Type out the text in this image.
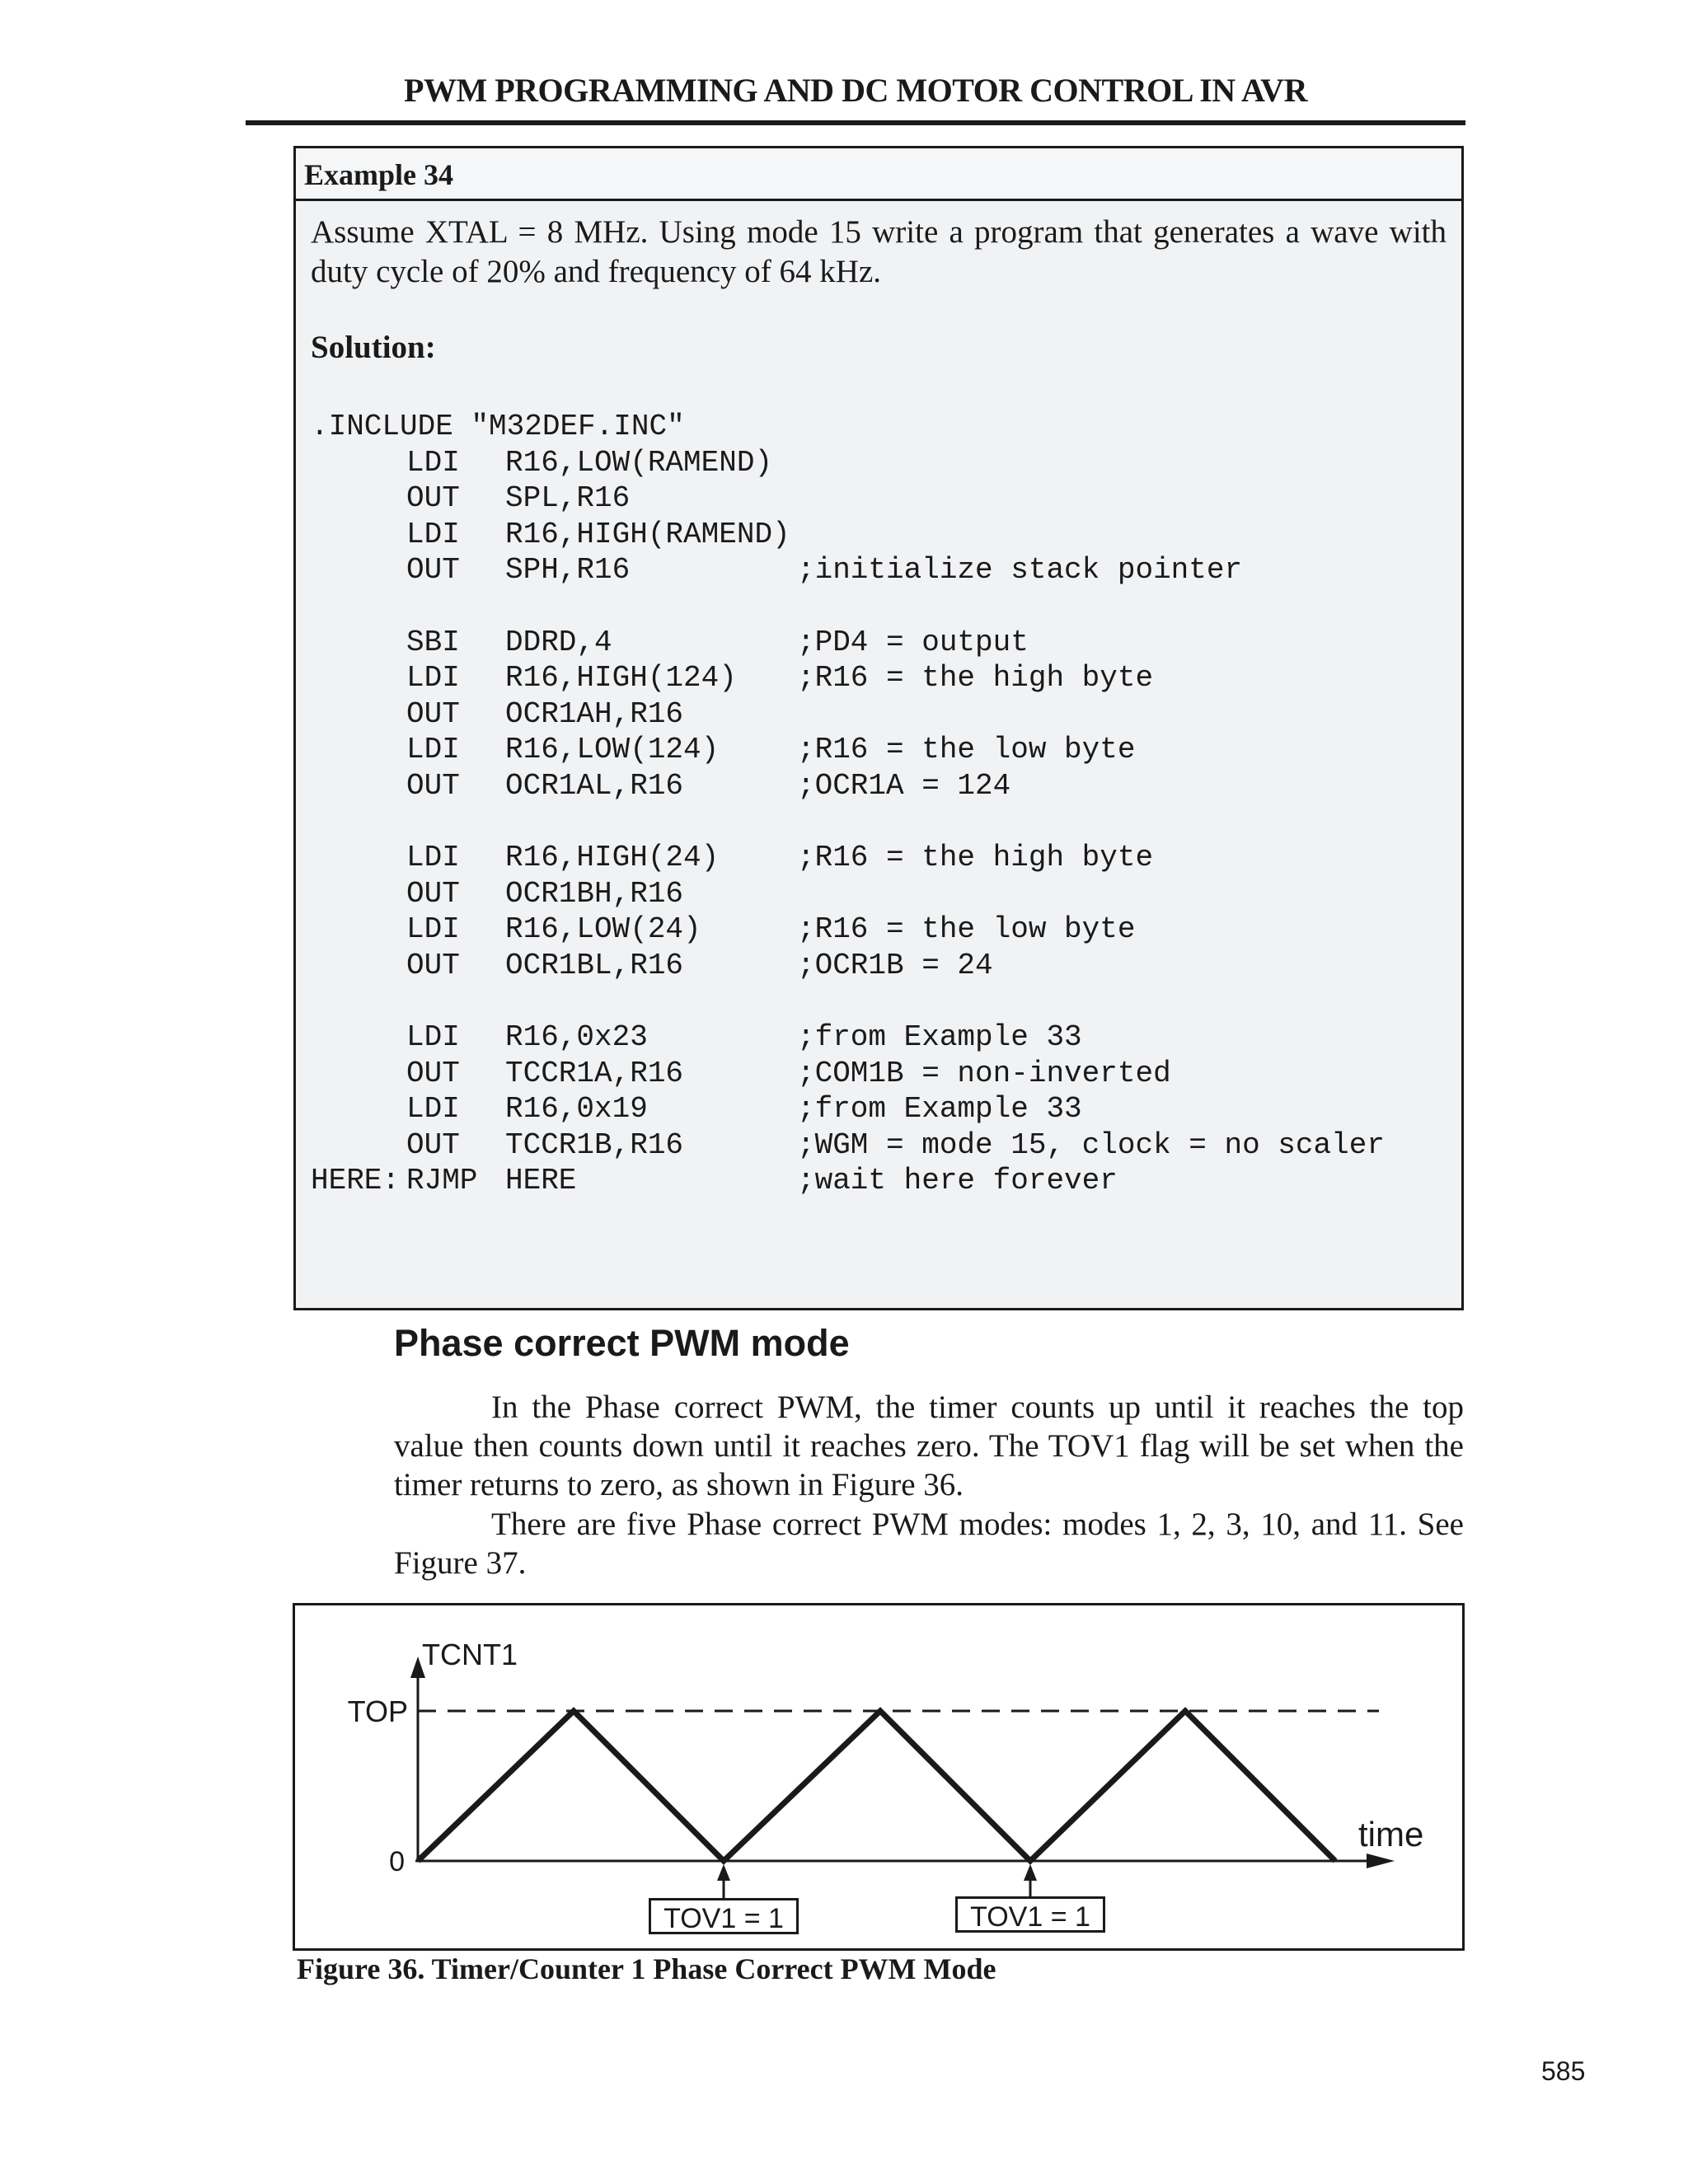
PWM PROGRAMMING AND DC MOTOR CONTROL IN AVR
Example 34

Assume XTAL = 8 MHz. Using mode 15 write a program that generates a wave with duty cycle of 20% and frequency of 64 kHz.

Solution:

.INCLUDE "M32DEF.INC"
LDI R16,LOW(RAMEND)
OUT SPL,R16
LDI R16,HIGH(RAMEND)
OUT SPH,R16	;initialize stack pointer
SBI DDRD,4	;PD4 = output
LDI R16,HIGH(124) ;R16 = the high byte
OUT OCR1AH,R16
LDI R16,LOW(124)	;R16 = the low byte
OUT OCR1AL,R16	;OCR1A = 124
LDI R16,HIGH(24)	;R16 = the high byte
OUT OCR1BH,R16
LDI R16,LOW(24)	;R16 = the low byte
OUT OCR1BL,R16	;OCR1B = 24
LDI R16,0x23	;from Example 33
OUT TCCR1A,R16	;COM1B = non-inverted
LDI R16,0x19	;from Example 33
OUT TCCR1B,R16	;WGM = mode 15, clock = no scaler
HERE: RJMP HERE	;wait here forever
Phase correct PWM mode

In the Phase correct PWM, the timer counts up until it reaches the top value then counts down until it reaches zero. The TOV1 flag will be set when the timer returns to zero, as shown in Figure 36.

There are five Phase correct PWM modes: modes 1, 2, 3, 10, and 11. See Figure 37.

TCNT1
TOP
0
time
TOV1 = 1	TOV1 = 1
Figure 36. Timer/Counter 1 Phase Correct PWM Mode
585
